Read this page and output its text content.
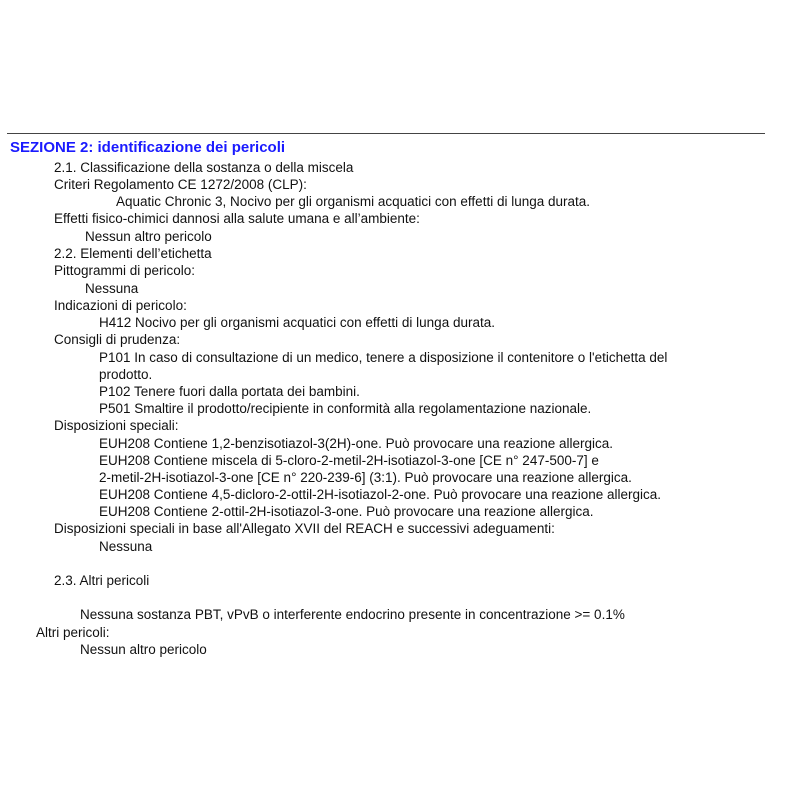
SEZIONE 2: identificazione dei pericoli
2.1. Classificazione della sostanza o della miscela
Criteri Regolamento CE 1272/2008 (CLP):
Aquatic Chronic 3, Nocivo per gli organismi acquatici con effetti di lunga durata.
Effetti fisico-chimici dannosi alla salute umana e all’ambiente:
Nessun altro pericolo
2.2. Elementi dell’etichetta
Pittogrammi di pericolo:
Nessuna
Indicazioni di pericolo:
H412 Nocivo per gli organismi acquatici con effetti di lunga durata.
Consigli di prudenza:
P101 In caso di consultazione di un medico, tenere a disposizione il contenitore o l'etichetta del
prodotto.
P102 Tenere fuori dalla portata dei bambini.
P501 Smaltire il prodotto/recipiente in conformità alla regolamentazione nazionale.
Disposizioni speciali:
EUH208 Contiene 1,2-benzisotiazol-3(2H)-one. Può provocare una reazione allergica.
EUH208 Contiene miscela di 5-cloro-2-metil-2H-isotiazol-3-one [CE n° 247-500-7] e
2-metil-2H-isotiazol-3-one [CE n° 220-239-6] (3:1). Può provocare una reazione allergica.
EUH208 Contiene 4,5-dicloro-2-ottil-2H-isotiazol-2-one. Può provocare una reazione allergica.
EUH208 Contiene 2-ottil-2H-isotiazol-3-one. Può provocare una reazione allergica.
Disposizioni speciali in base all'Allegato XVII del REACH e successivi adeguamenti:
Nessuna
2.3. Altri pericoli
Nessuna sostanza PBT, vPvB o interferente endocrino presente in concentrazione >= 0.1%
Altri pericoli:
Nessun altro pericolo
